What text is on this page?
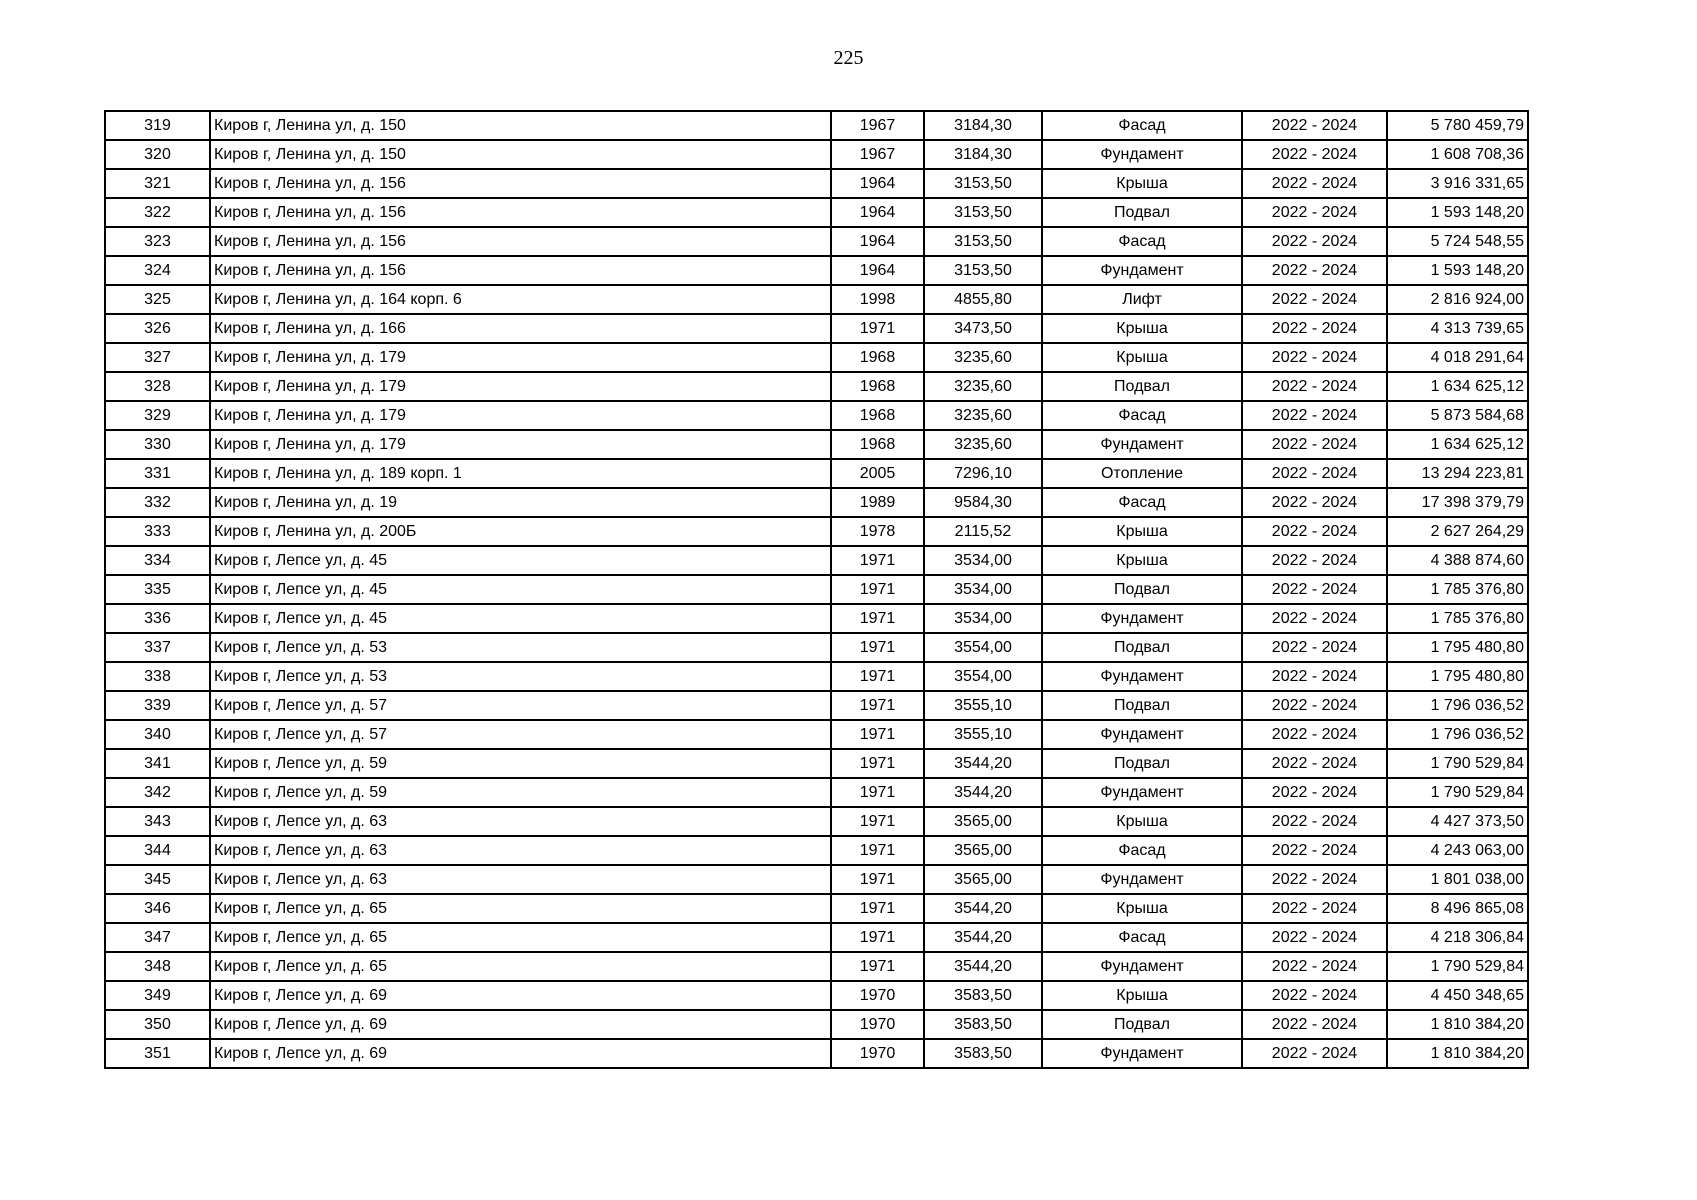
225
319	Киров г, Ленина ул, д. 150	1967	3184,30	Фасад	2022 - 2024	5 780 459,79
320	Киров г, Ленина ул, д. 150	1967	3184,30	Фундамент	2022 - 2024	1 608 708,36
321	Киров г, Ленина ул, д. 156	1964	3153,50	Крыша	2022 - 2024	3 916 331,65
322	Киров г, Ленина ул, д. 156	1964	3153,50	Подвал	2022 - 2024	1 593 148,20
323	Киров г, Ленина ул, д. 156	1964	3153,50	Фасад	2022 - 2024	5 724 548,55
324	Киров г, Ленина ул, д. 156	1964	3153,50	Фундамент	2022 - 2024	1 593 148,20
325	Киров г, Ленина ул, д. 164 корп. 6	1998	4855,80	Лифт	2022 - 2024	2 816 924,00
326	Киров г, Ленина ул, д. 166	1971	3473,50	Крыша	2022 - 2024	4 313 739,65
327	Киров г, Ленина ул, д. 179	1968	3235,60	Крыша	2022 - 2024	4 018 291,64
328	Киров г, Ленина ул, д. 179	1968	3235,60	Подвал	2022 - 2024	1 634 625,12
329	Киров г, Ленина ул, д. 179	1968	3235,60	Фасад	2022 - 2024	5 873 584,68
330	Киров г, Ленина ул, д. 179	1968	3235,60	Фундамент	2022 - 2024	1 634 625,12
331	Киров г, Ленина ул, д. 189 корп. 1	2005	7296,10	Отопление	2022 - 2024	13 294 223,81
332	Киров г, Ленина ул, д. 19	1989	9584,30	Фасад	2022 - 2024	17 398 379,79
333	Киров г, Ленина ул, д. 200Б	1978	2115,52	Крыша	2022 - 2024	2 627 264,29
334	Киров г, Лепсе ул, д. 45	1971	3534,00	Крыша	2022 - 2024	4 388 874,60
335	Киров г, Лепсе ул, д. 45	1971	3534,00	Подвал	2022 - 2024	1 785 376,80
336	Киров г, Лепсе ул, д. 45	1971	3534,00	Фундамент	2022 - 2024	1 785 376,80
337	Киров г, Лепсе ул, д. 53	1971	3554,00	Подвал	2022 - 2024	1 795 480,80
338	Киров г, Лепсе ул, д. 53	1971	3554,00	Фундамент	2022 - 2024	1 795 480,80
339	Киров г, Лепсе ул, д. 57	1971	3555,10	Подвал	2022 - 2024	1 796 036,52
340	Киров г, Лепсе ул, д. 57	1971	3555,10	Фундамент	2022 - 2024	1 796 036,52
341	Киров г, Лепсе ул, д. 59	1971	3544,20	Подвал	2022 - 2024	1 790 529,84
342	Киров г, Лепсе ул, д. 59	1971	3544,20	Фундамент	2022 - 2024	1 790 529,84
343	Киров г, Лепсе ул, д. 63	1971	3565,00	Крыша	2022 - 2024	4 427 373,50
344	Киров г, Лепсе ул, д. 63	1971	3565,00	Фасад	2022 - 2024	4 243 063,00
345	Киров г, Лепсе ул, д. 63	1971	3565,00	Фундамент	2022 - 2024	1 801 038,00
346	Киров г, Лепсе ул, д. 65	1971	3544,20	Крыша	2022 - 2024	8 496 865,08
347	Киров г, Лепсе ул, д. 65	1971	3544,20	Фасад	2022 - 2024	4 218 306,84
348	Киров г, Лепсе ул, д. 65	1971	3544,20	Фундамент	2022 - 2024	1 790 529,84
349	Киров г, Лепсе ул, д. 69	1970	3583,50	Крыша	2022 - 2024	4 450 348,65
350	Киров г, Лепсе ул, д. 69	1970	3583,50	Подвал	2022 - 2024	1 810 384,20
351	Киров г, Лепсе ул, д. 69	1970	3583,50	Фундамент	2022 - 2024	1 810 384,20
